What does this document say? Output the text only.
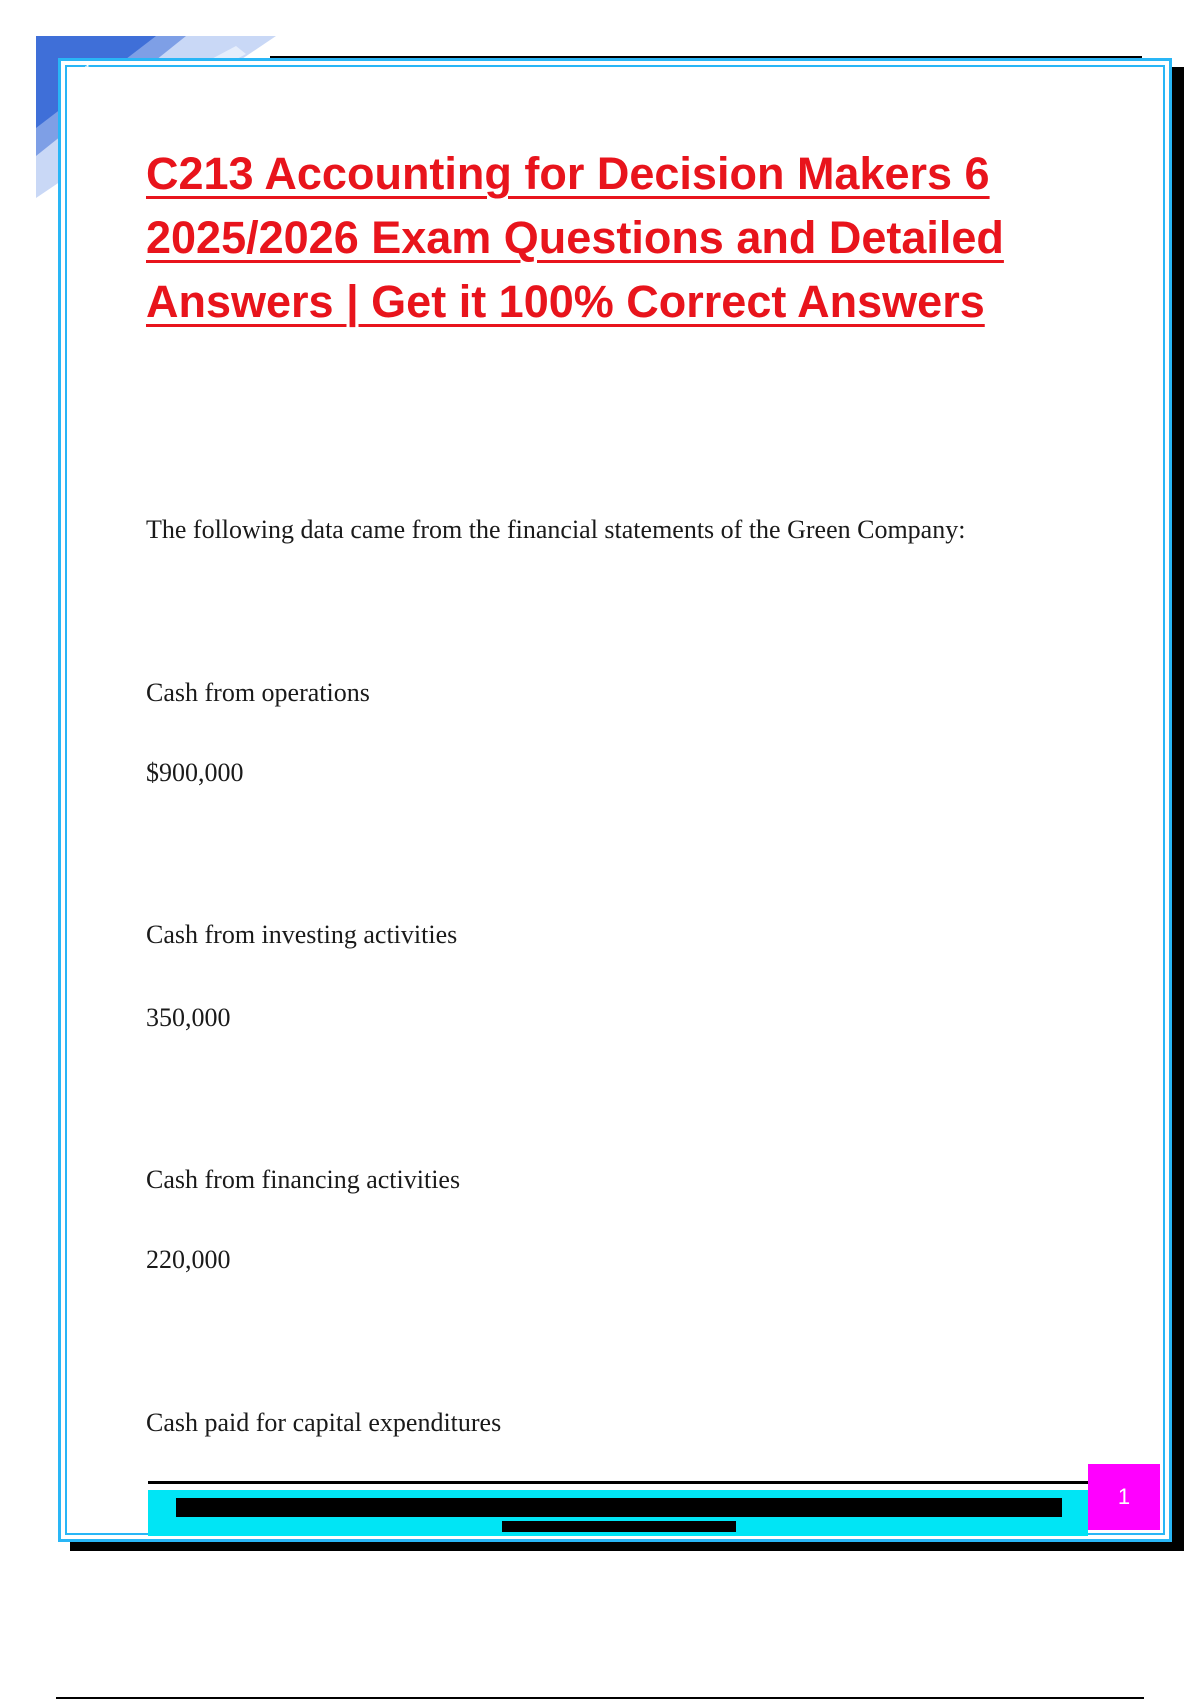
1
C213 Accounting for Decision Makers 6 2025/2026 Exam Questions and Detailed Answers | Get it 100% Correct Answers

The following data came from the financial statements of the Green Company:

Cash from operations

$900,000

Cash from investing activities

350,000

Cash from financing activities

220,000

Cash paid for capital expenditures

1
